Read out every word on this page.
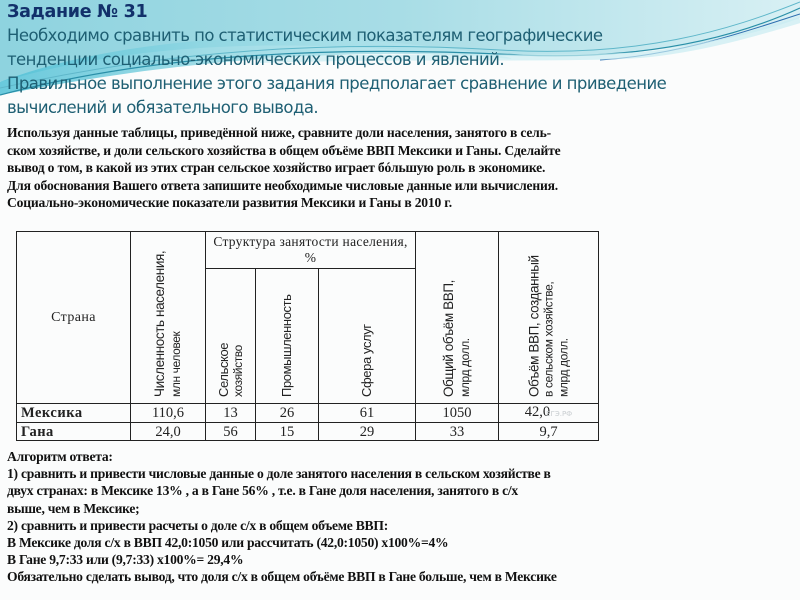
Задание № 31
Необходимо сравнить по статистическим показателям географические
тенденции социально-экономических процессов и явлений.
Правильное выполнение этого задания предполагает сравнение и приведение
вычислений и обязательного вывода.
Используя данные таблицы, приведённой ниже, сравните доли населения, занятого в сель-
ском хозяйстве, и доли сельского хозяйства в общем объёме ВВП Мексики и Ганы. Сделайте
вывод о том, в какой из этих стран сельское хозяйство играет бóльшую роль в экономике.
Для обоснования Вашего ответа запишите необходимые числовые данные или вычисления.
Социально-экономические показатели развития Мексики и Ганы в 2010 г.
Страна	Численность населения, млн человек	Структура занятости населения, %			Общий объём ВВП, млрд долл.	Объём ВВП, созданный в сельском хозяйстве, млрд долл.

		Сельское хозяйство	Промышленность	Сфера услуг		

Мексика	110,6	13	26	61	1050	42,0ЕГЭ.РФ
Гана	24,0	56	15	29	33	9,7
Алгоритм ответа:
1) сравнить и привести числовые данные о доле занятого населения в сельском хозяйстве в
двух странах: в Мексике 13% , а в Гане 56% , т.е. в Гане доля населения, занятого в с/х
выше, чем в Мексике;
2) сравнить и привести расчеты о доле с/х в общем объеме ВВП:
В Мексике доля с/х в ВВП 42,0:1050 или рассчитать (42,0:1050) х100%=4%
В Гане 9,7:33 или (9,7:33) х100%= 29,4%
Обязательно сделать вывод, что доля с/х в общем объёме ВВП в Гане больше, чем в Мексике
